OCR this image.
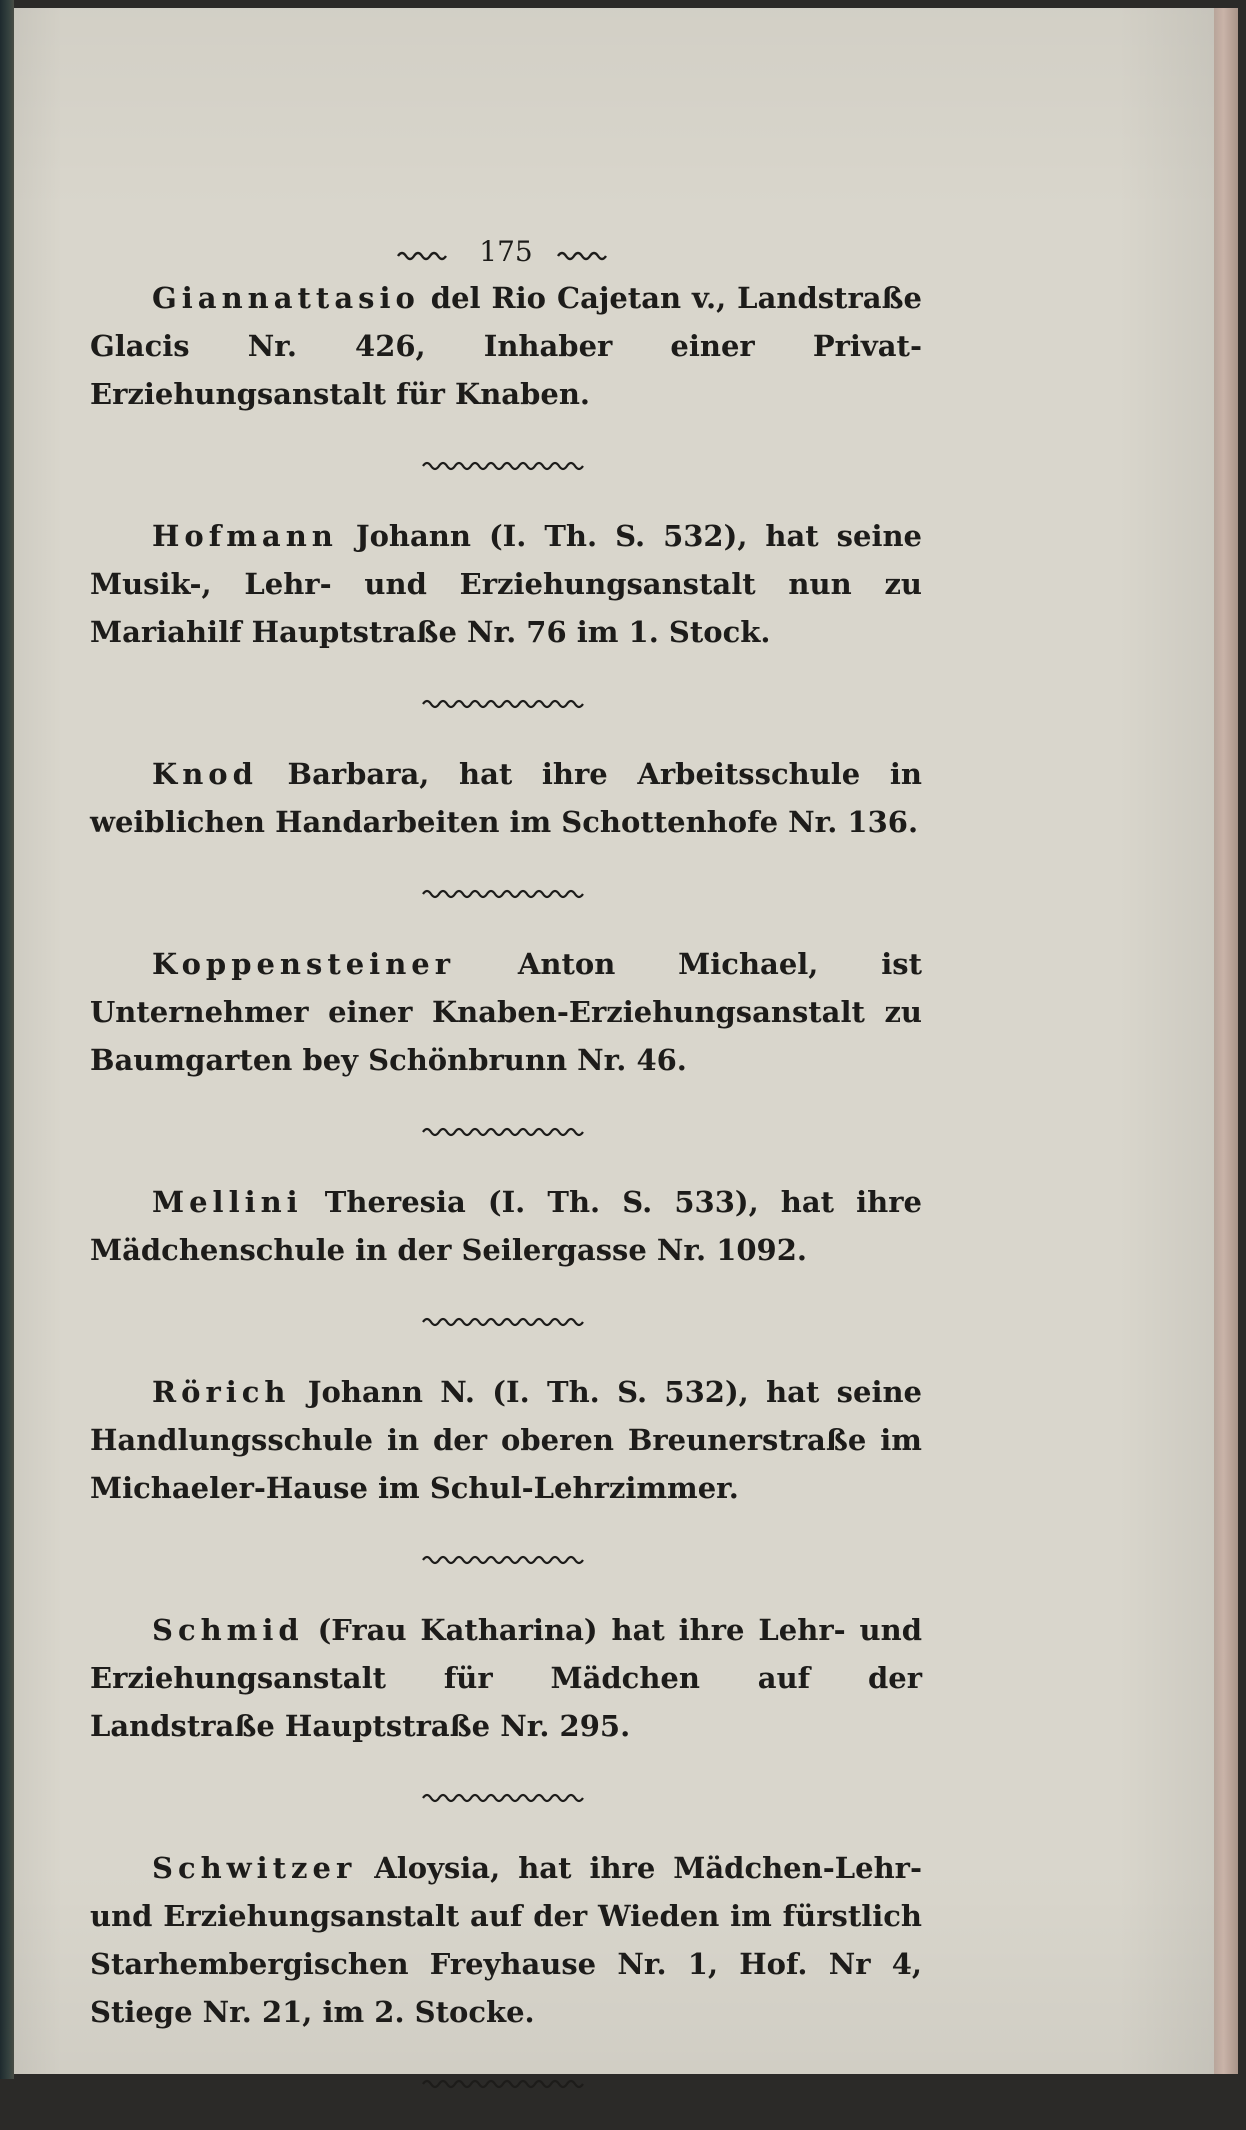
175

Giannattasio del Rio Cajetan v., Landstraße Glacis Nr. 426, Inhaber einer Privat-Erziehungsanstalt für Knaben.

Hofmann Johann (I. Th. S. 532), hat seine Musik-, Lehr- und Erziehungsanstalt nun zu Mariahilf Hauptstraße Nr. 76 im 1. Stock.

Knod Barbara, hat ihre Arbeitsschule in weiblichen Handarbeiten im Schottenhofe Nr. 136.

Koppensteiner Anton Michael, ist Unternehmer einer Knaben-Erziehungsanstalt zu Baumgarten bey Schönbrunn Nr. 46.

Mellini Theresia (I. Th. S. 533), hat ihre Mädchenschule in der Seilergasse Nr. 1092.

Rörich Johann N. (I. Th. S. 532), hat seine Handlungsschule in der oberen Breunerstraße im Michaeler-Hause im Schul-Lehrzimmer.

Schmid (Frau Katharina) hat ihre Lehr- und Erziehungsanstalt für Mädchen auf der Landstraße Hauptstraße Nr. 295.

Schwitzer Aloysia, hat ihre Mädchen-Lehr- und Erziehungsanstalt auf der Wieden im fürstlich Starhembergischen Freyhause Nr. 1, Hof. Nr 4, Stiege Nr. 21, im 2. Stocke.
